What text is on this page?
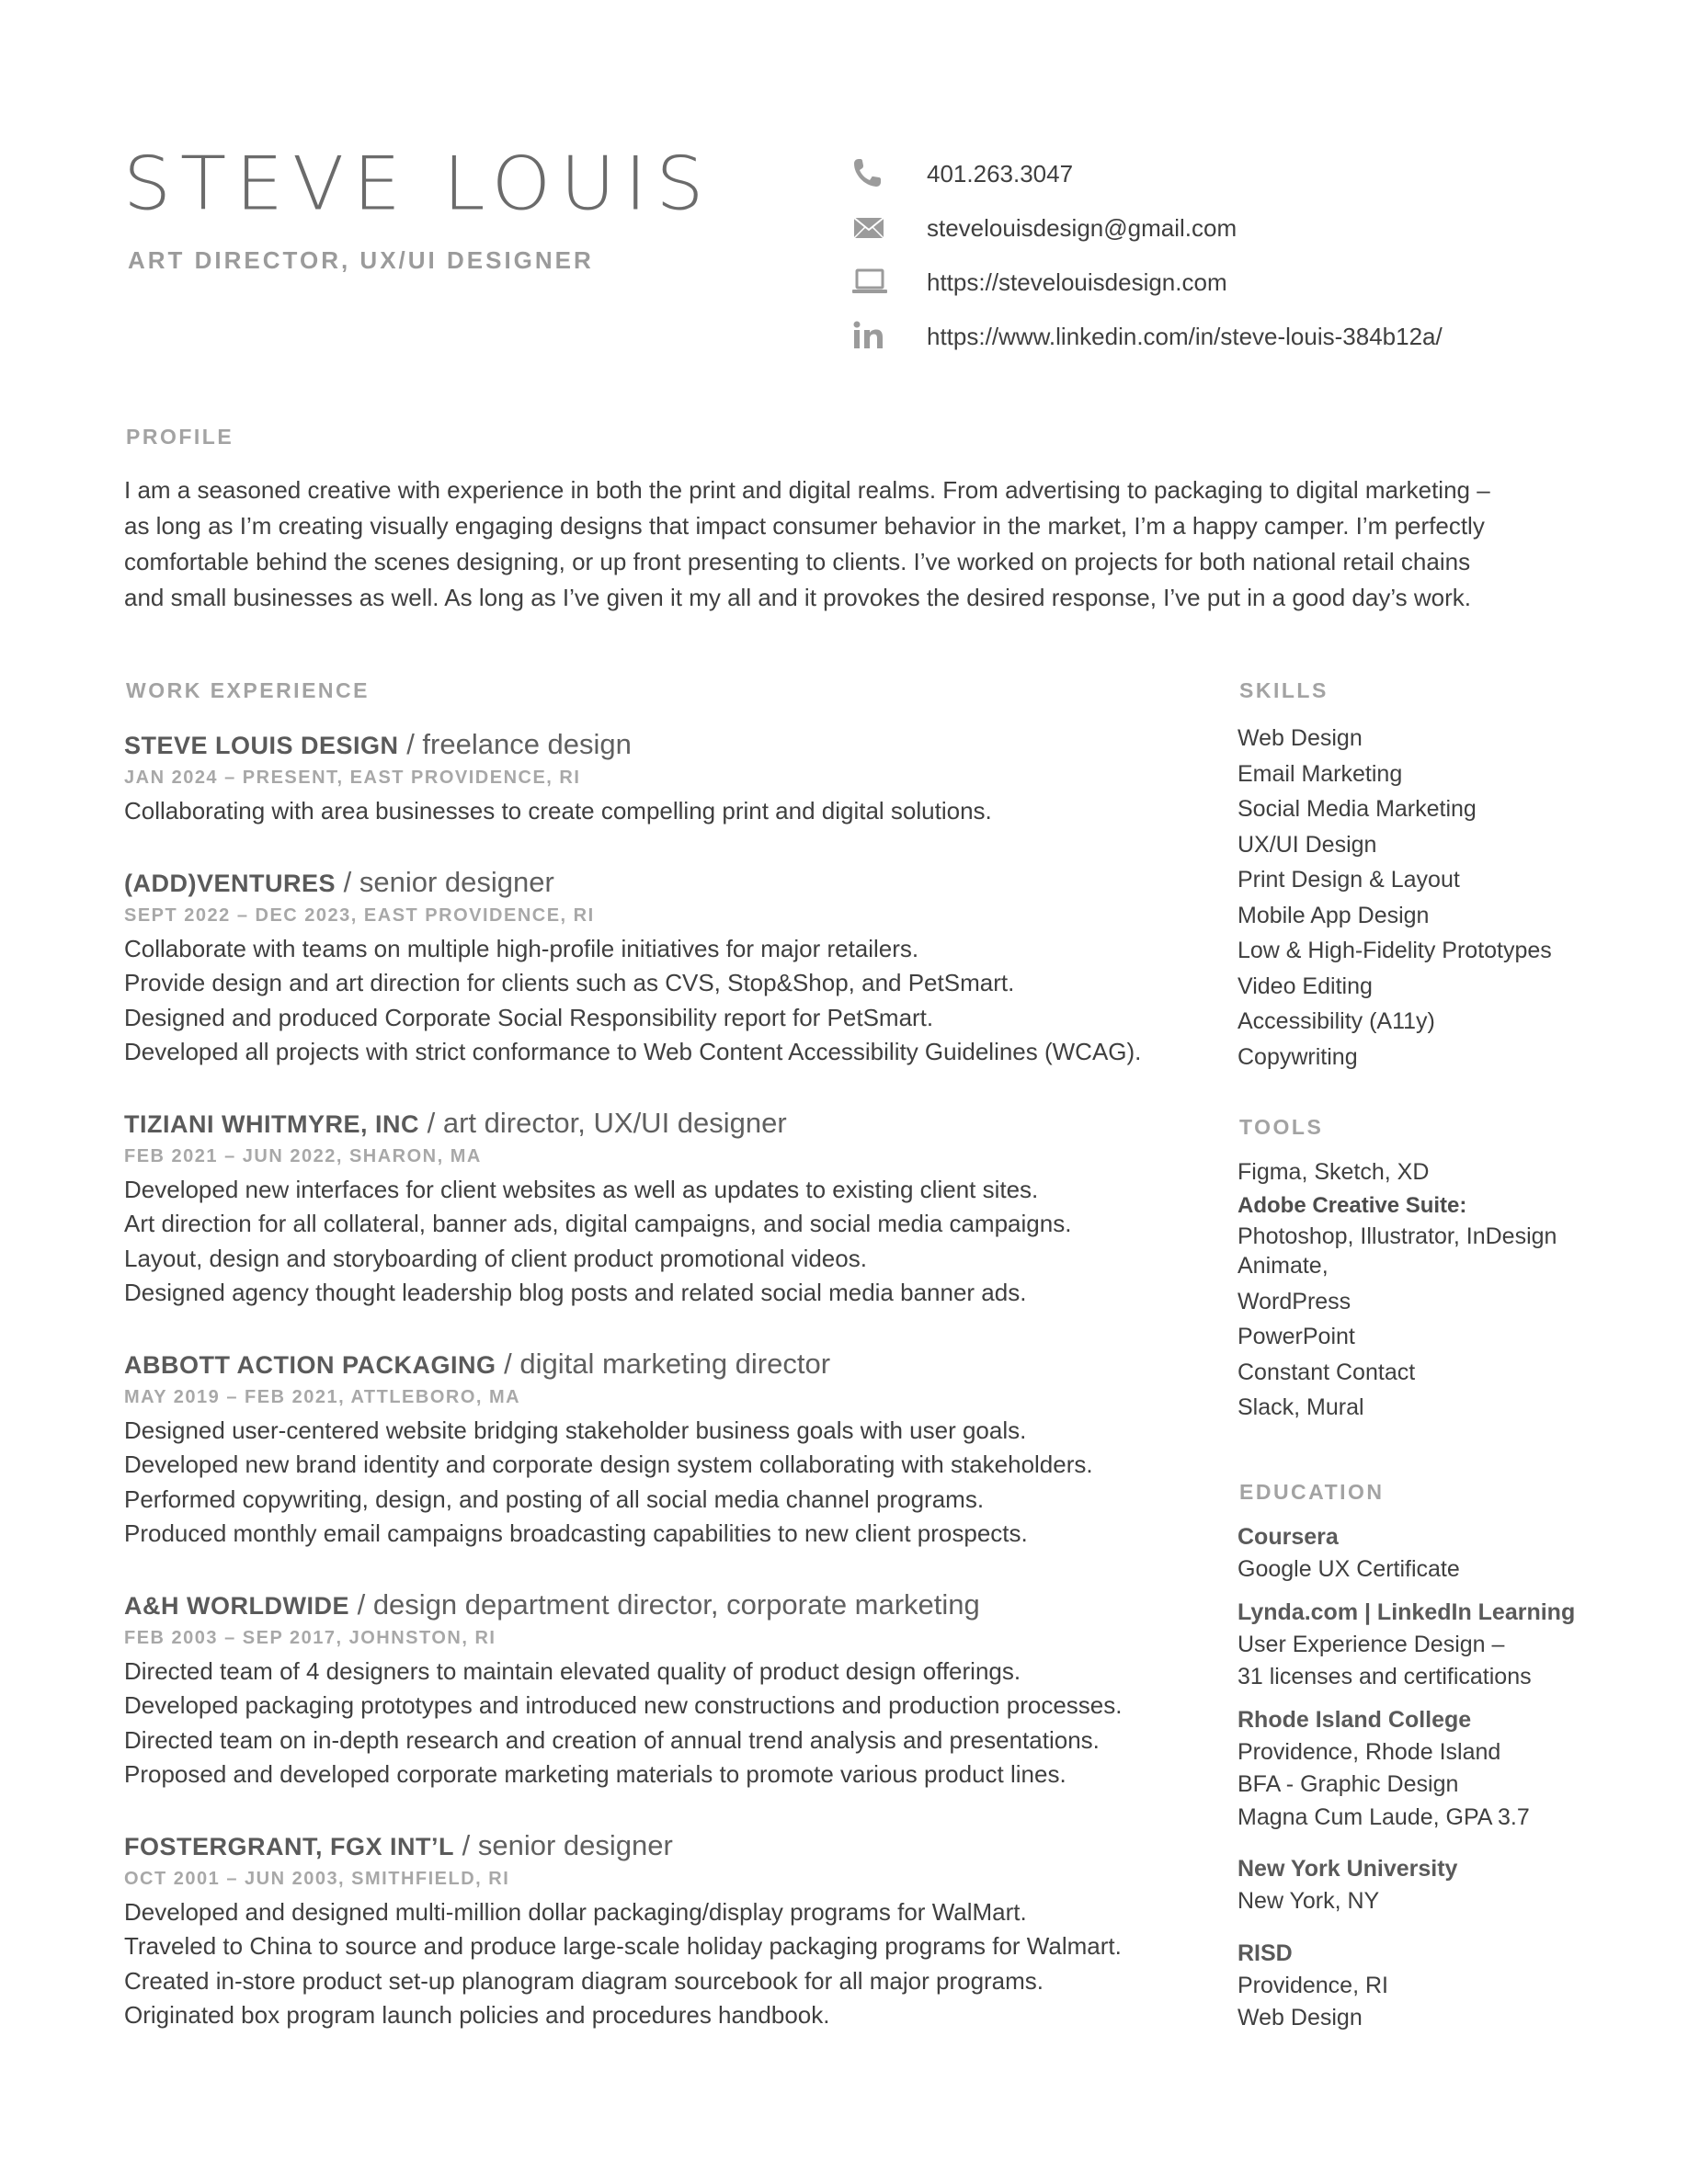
STEVE LOUIS
ART DIRECTOR, UX/UI DESIGNER
401.263.3047
stevelouisdesign@gmail.com
https://stevelouisdesign.com
https://www.linkedin.com/in/steve-louis-384b12a/
PROFILE
I am a seasoned creative with experience in both the print and digital realms. From advertising to packaging to digital marketing –
as long as I’m creating visually engaging designs that impact consumer behavior in the market, I’m a happy camper. I’m perfectly
comfortable behind the scenes designing, or up front presenting to clients. I’ve worked on projects for both national retail chains
and small businesses as well. As long as I’ve given it my all and it provokes the desired response, I’ve put in a good day’s work.
WORK EXPERIENCE
STEVE LOUIS DESIGN / freelance design
JAN 2024 – PRESENT, EAST PROVIDENCE, RI
Collaborating with area businesses to create compelling print and digital solutions.
(ADD)VENTURES / senior designer
SEPT 2022 – DEC 2023, EAST PROVIDENCE, RI
Collaborate with teams on multiple high-profile initiatives for major retailers.
Provide design and art direction for clients such as CVS, Stop&Shop, and PetSmart.
Designed and produced Corporate Social Responsibility report for PetSmart.
Developed all projects with strict conformance to Web Content Accessibility Guidelines (WCAG).
TIZIANI WHITMYRE, INC / art director, UX/UI designer
FEB 2021 – JUN 2022, SHARON, MA
Developed new interfaces for client websites as well as updates to existing client sites.
Art direction for all collateral, banner ads, digital campaigns, and social media campaigns.
Layout, design and storyboarding of client product promotional videos.
Designed agency thought leadership blog posts and related social media banner ads.
ABBOTT ACTION PACKAGING / digital marketing director
MAY 2019 – FEB 2021, ATTLEBORO, MA
Designed user-centered website bridging stakeholder business goals with user goals.
Developed new brand identity and corporate design system collaborating with stakeholders.
Performed copywriting, design, and posting of all social media channel programs.
Produced monthly email campaigns broadcasting capabilities to new client prospects.
A&H WORLDWIDE / design department director, corporate marketing
FEB 2003 – SEP 2017, JOHNSTON, RI
Directed team of 4 designers to maintain elevated quality of product design offerings.
Developed packaging prototypes and introduced new constructions and production processes.
Directed team on in-depth research and creation of annual trend analysis and presentations.
Proposed and developed corporate marketing materials to promote various product lines.
FOSTERGRANT, FGX INT’L / senior designer
OCT 2001 – JUN 2003, SMITHFIELD, RI
Developed and designed multi-million dollar packaging/display programs for WalMart.
Traveled to China to source and produce large-scale holiday packaging programs for Walmart.
Created in-store product set-up planogram diagram sourcebook for all major programs.
Originated box program launch policies and procedures handbook.
SKILLS
Web Design
Email Marketing
Social Media Marketing
UX/UI Design
Print Design & Layout
Mobile App Design
Low & High-Fidelity Prototypes
Video Editing
Accessibility (A11y)
Copywriting
TOOLS
Figma, Sketch, XD
Adobe Creative Suite:
Photoshop, Illustrator, InDesign
Animate,
WordPress
PowerPoint
Constant Contact
Slack, Mural
EDUCATION
Coursera
Google UX Certificate
Lynda.com | LinkedIn Learning
User Experience Design –
31 licenses and certifications
Rhode Island College
Providence, Rhode Island
BFA - Graphic Design
Magna Cum Laude, GPA 3.7
New York University
New York, NY
RISD
Providence, RI
Web Design
